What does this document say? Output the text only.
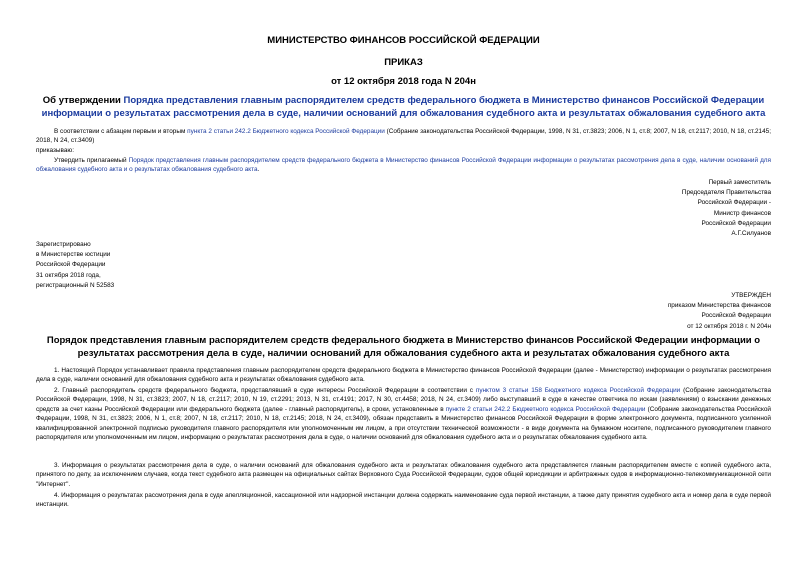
МИНИСТЕРСТВО ФИНАНСОВ РОССИЙСКОЙ ФЕДЕРАЦИИ
ПРИКАЗ
от 12 октября 2018 года N 204н
Об утверждении Порядка представления главным распорядителем средств федерального бюджета в Министерство финансов Российской Федерации информации о результатах рассмотрения дела в суде, наличии оснований для обжалования судебного акта и результатах обжалования судебного акта
В соответствии с абзацем первым и вторым пункта 2 статьи 242.2 Бюджетного кодекса Российской Федерации (Собрание законодательства Российской Федерации, 1998, N 31, ст.3823; 2006, N 1, ст.8; 2007, N 18, ст.2117; 2010, N 18, ст.2145; 2018, N 24, ст.3409)
приказываю:
Утвердить прилагаемый Порядок представления главным распорядителем средств федерального бюджета в Министерство финансов Российской Федерации информации о результатах рассмотрения дела в суде, наличии оснований для обжалования судебного акта и о результатах обжалования судебного акта.
Первый заместитель
Председателя Правительства
Российской Федерации -
Министр финансов
Российской Федерации
А.Г.Силуанов
Зарегистрировано
в Министерстве юстиции
Российской Федерации
31 октября 2018 года,
регистрационный N 52583
УТВЕРЖДЕН
приказом Министерства финансов
Российской Федерации
от 12 октября 2018 г. N 204н
Порядок представления главным распорядителем средств федерального бюджета в Министерство финансов Российской Федерации информации о результатах рассмотрения дела в суде, наличии оснований для обжалования судебного акта и результатах обжалования судебного акта
1. Настоящий Порядок устанавливает правила представления главным распорядителем средств федерального бюджета в Министерство финансов Российской Федерации (далее - Министерство) информации о результатах рассмотрения дела в суде, наличии оснований для обжалования судебного акта и результатах обжалования судебного акта.
2. Главный распорядитель средств федерального бюджета, представлявший в суде интересы Российской Федерации в соответствии с пунктом 3 статьи 158 Бюджетного кодекса Российской Федерации (Собрание законодательства Российской Федерации, 1998, N 31, ст.3823; 2007, N 18, ст.2117; 2010, N 19, ст.2291; 2013, N 31, ст.4191; 2017, N 30, ст.4458; 2018, N 24, ст.3409) либо выступавший в суде в качестве ответчика по искам (заявлениям) о взыскании денежных средств за счет казны Российской Федерации или федерального бюджета (далее - главный распорядитель), в сроки, установленные в пункте 2 статьи 242.2 Бюджетного кодекса Российской Федерации (Собрание законодательства Российской Федерации, 1998, N 31, ст.3823; 2006, N 1, ст.8; 2007, N 18, ст.2117; 2010, N 18, ст.2145; 2018, N 24, ст.3409), обязан представить в Министерство финансов Российской Федерации в форме электронного документа, подписанного усиленной квалифицированной электронной подписью руководителя главного распорядителя или уполномоченным им лицом, а при отсутствии технической возможности - в виде документа на бумажном носителе, подписанного руководителем главного распорядителя или уполномоченным им лицом, информацию о результатах рассмотрения дела в суде, о наличии оснований для обжалования судебного акта и о результатах обжалования судебного акта.
3. Информация о результатах рассмотрения дела в суде, о наличии оснований для обжалования судебного акта и результатах обжалования судебного акта представляется главным распорядителем вместе с копией судебного акта, принятого по делу, за исключением случаев, когда текст судебного акта размещен на официальных сайтах Верховного Суда Российской Федерации, судов общей юрисдикции и арбитражных судов в информационно-телекоммуникационной сети "Интернет".
4. Информация о результатах рассмотрения дела в суде апелляционной, кассационной или надзорной инстанции должна содержать наименование суда первой инстанции, а также дату принятия судебного акта и номер дела в суде первой инстанции.
